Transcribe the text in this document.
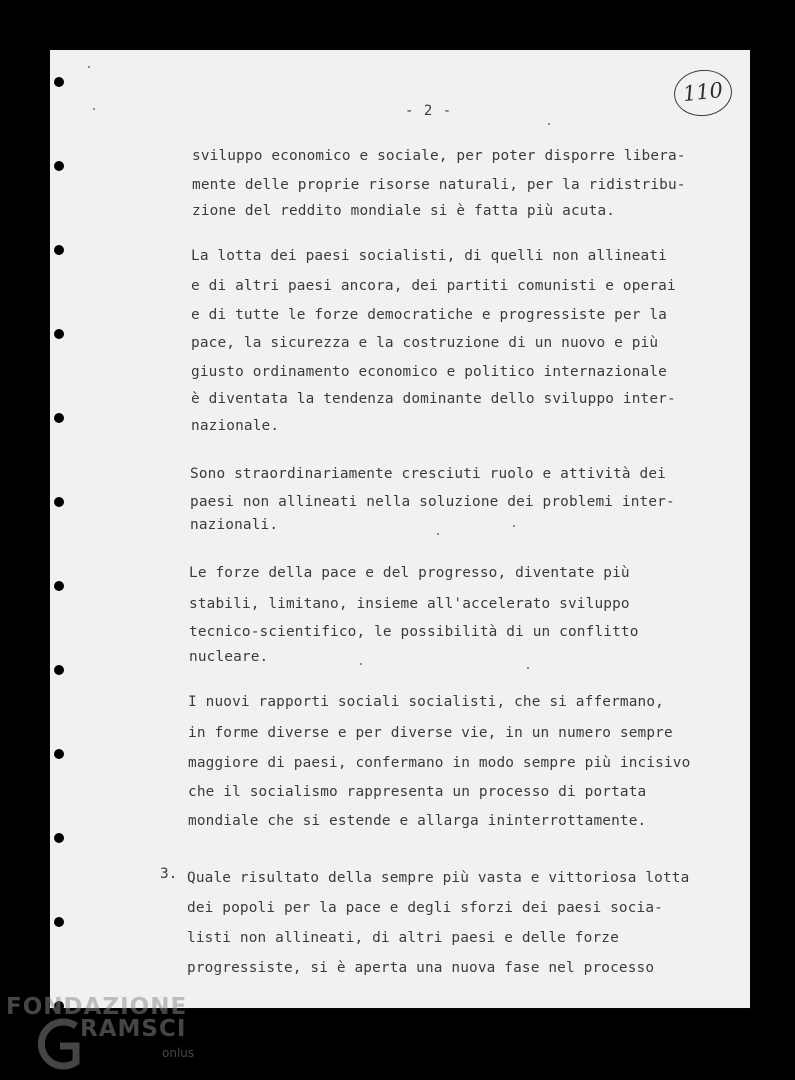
- 2 -
110

sviluppo economico e sociale, per poter disporre libera-

mente delle proprie risorse naturali, per la ridistribu-

zione del reddito mondiale si è fatta più acuta.

La lotta dei paesi socialisti, di quelli non allineati

e di altri paesi ancora, dei partiti comunisti e operai

e di tutte le forze democratiche e progressiste per la

pace, la sicurezza e la costruzione di un nuovo e più

giusto ordinamento economico e politico internazionale

è diventata la tendenza dominante dello sviluppo inter-

nazionale.

Sono straordinariamente cresciuti ruolo e attività dei

paesi non allineati nella soluzione dei problemi inter-

nazionali.

Le forze della pace e del progresso, diventate più

stabili, limitano, insieme all'accelerato sviluppo

tecnico-scientifico, le possibilità di un conflitto

nucleare.

I nuovi rapporti sociali socialisti, che si affermano,

in forme diverse e per diverse vie, in un numero sempre

maggiore di paesi, confermano in modo sempre più incisivo

che il socialismo rappresenta un processo di portata

mondiale che si estende e allarga ininterrottamente.

3. Quale risultato della sempre più vasta e vittoriosa lotta

dei popoli per la pace e degli sforzi dei paesi socia-

listi non allineati, di altri paesi e delle forze

progressiste, si è aperta una nuova fase nel processo

FONDAZIONE
RAMSCI
onlus
